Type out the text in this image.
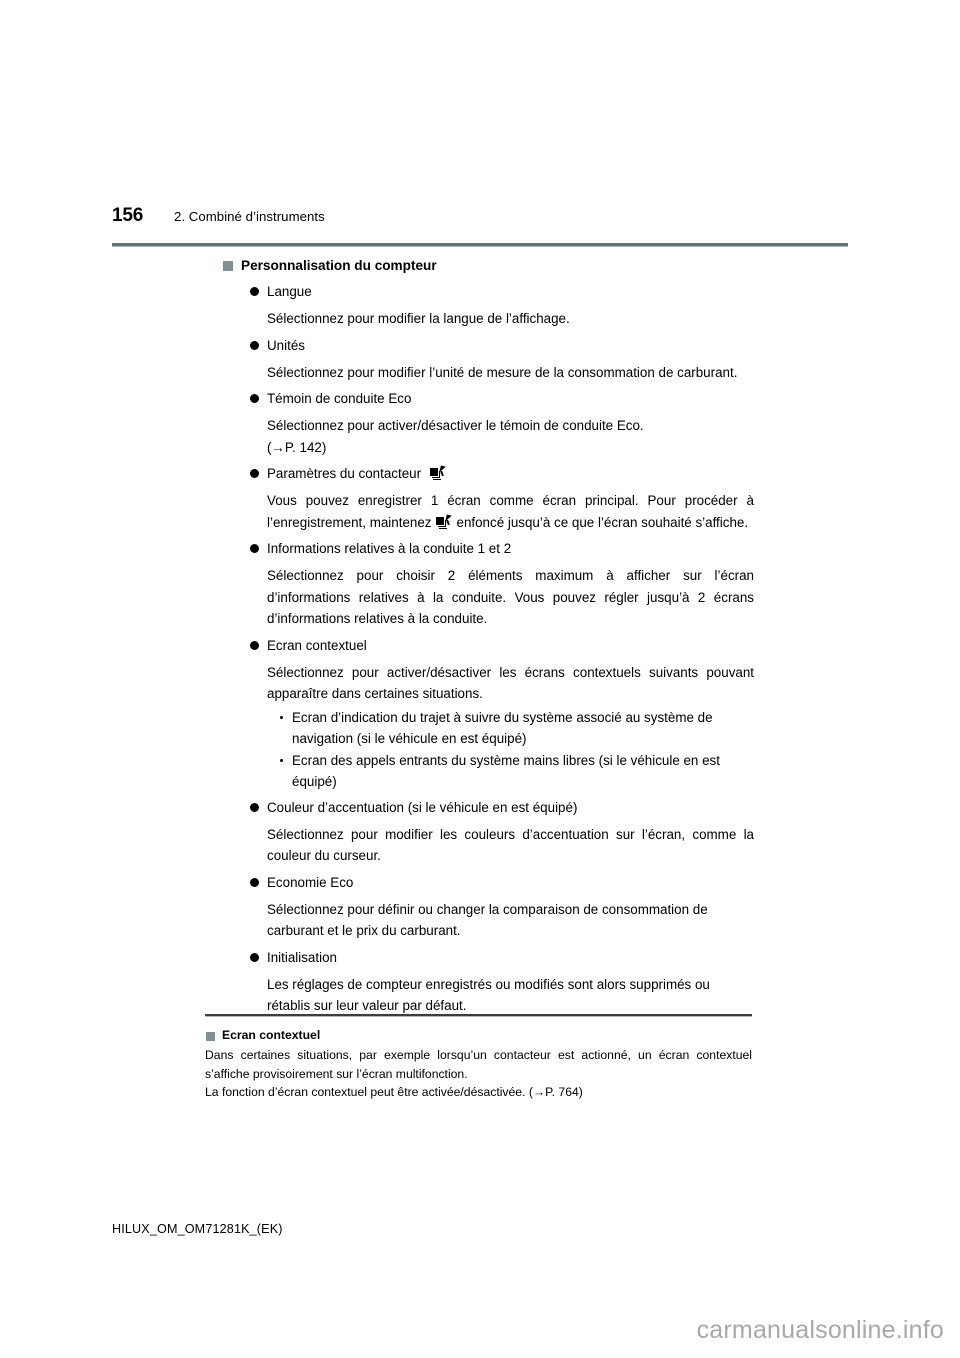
156	2. Combiné d’instruments
Personnalisation du compteur
Langue
Sélectionnez pour modifier la langue de l’affichage.
Unités
Sélectionnez pour modifier l’unité de mesure de la consommation de carburant.
Témoin de conduite Eco
Sélectionnez pour activer/désactiver le témoin de conduite Eco.
(→P. 142)
Paramètres du contacteur
Vous pouvez enregistrer 1 écran comme écran principal. Pour procéder à l’enregistrement, maintenez enfoncé jusqu’à ce que l’écran souhaité s’affiche.
Informations relatives à la conduite 1 et 2
Sélectionnez pour choisir 2 éléments maximum à afficher sur l’écran d’informations relatives à la conduite. Vous pouvez régler jusqu’à 2 écrans d’informations relatives à la conduite.
Ecran contextuel
Sélectionnez pour activer/désactiver les écrans contextuels suivants pouvant apparaître dans certaines situations.
Ecran d’indication du trajet à suivre du système associé au système de navigation (si le véhicule en est équipé)
Ecran des appels entrants du système mains libres (si le véhicule en est équipé)
Couleur d’accentuation (si le véhicule en est équipé)
Sélectionnez pour modifier les couleurs d’accentuation sur l’écran, comme la couleur du curseur.
Economie Eco
Sélectionnez pour définir ou changer la comparaison de consommation de carburant et le prix du carburant.
Initialisation
Les réglages de compteur enregistrés ou modifiés sont alors supprimés ou rétablis sur leur valeur par défaut.
Ecran contextuel
Dans certaines situations, par exemple lorsqu’un contacteur est actionné, un écran contextuel s’affiche provisoirement sur l’écran multifonction.
La fonction d’écran contextuel peut être activée/désactivée. (→P. 764)
HILUX_OM_OM71281K_(EK)
carmanualsonline.info
